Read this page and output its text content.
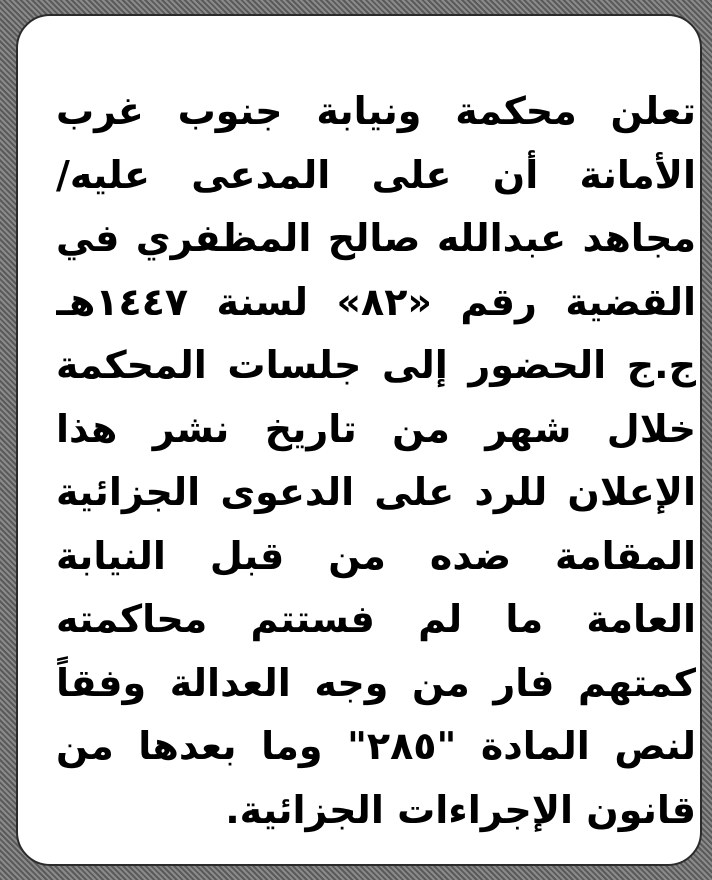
تعلن محكمة ونيابة جنوب غرب
الأمانة أن على المدعى عليه/
مجاهد عبدالله صالح المظفري في
القضية رقم «٨٢» لسنة ١٤٤٧هـ
ج.ج الحضور إلى جلسات المحكمة
خلال شهر من تاريخ نشر هذا
الإعلان للرد على الدعوى الجزائية
المقامة ضده من قبل النيابة
العامة ما لم فستتم محاكمته
كمتهم فار من وجه العدالة وفقاً
لنص المادة "٢٨٥" وما بعدها من
قانون الإجراءات الجزائية.
